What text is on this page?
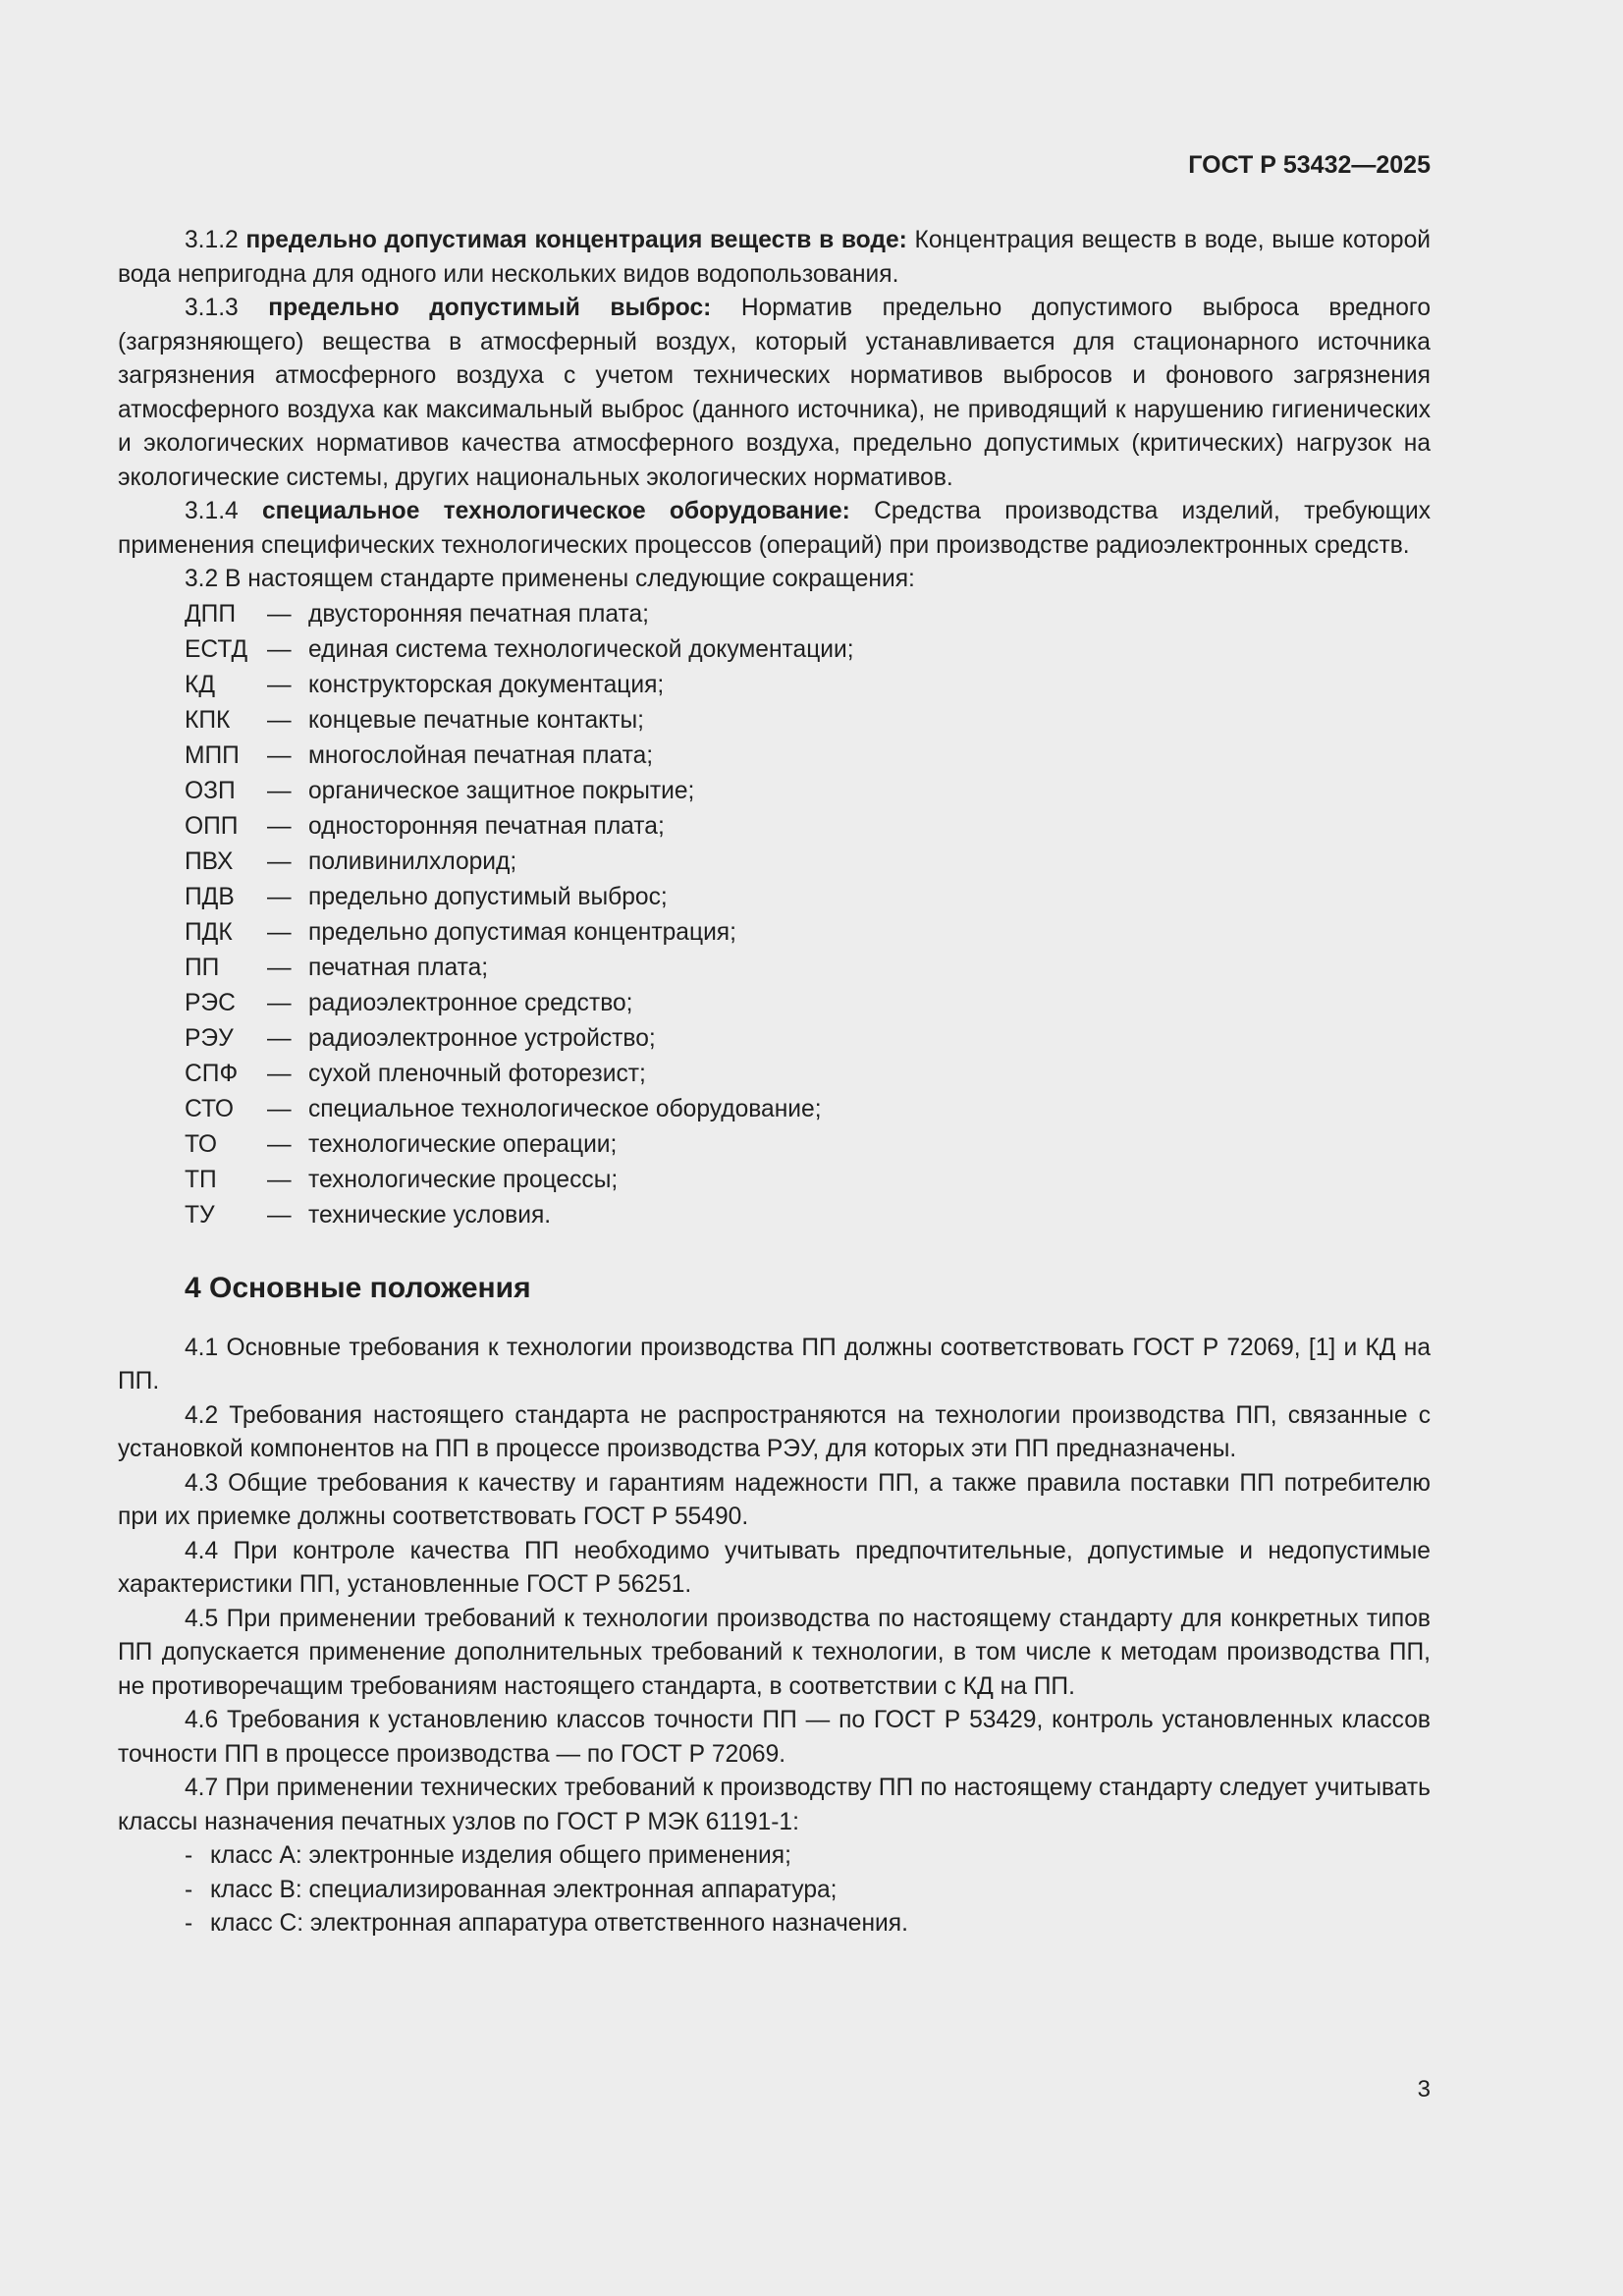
ГОСТ Р 53432—2025

3.1.2 предельно допустимая концентрация веществ в воде: Концентрация веществ в воде, выше которой вода непригодна для одного или нескольких видов водопользования.

3.1.3 предельно допустимый выброс: Норматив предельно допустимого выброса вредного (загрязняющего) вещества в атмосферный воздух, который устанавливается для стационарного источника загрязнения атмосферного воздуха с учетом технических нормативов выбросов и фонового загрязнения атмосферного воздуха как максимальный выброс (данного источника), не приводящий к нарушению гигиенических и экологических нормативов качества атмосферного воздуха, предельно допустимых (критических) нагрузок на экологические системы, других национальных экологических нормативов.

3.1.4 специальное технологическое оборудование: Средства производства изделий, требующих применения специфических технологических процессов (операций) при производстве радиоэлектронных средств.

3.2 В настоящем стандарте применены следующие сокращения:

ДПП	— двусторонняя печатная плата;
ЕСТД — единая система технологической документации;
КД	— конструкторская документация;
КПК	— концевые печатные контакты;
МПП	— многослойная печатная плата;
ОЗП	— органическое защитное покрытие;
ОПП	— односторонняя печатная плата;
ПВХ	— поливинилхлорид;
ПДВ	— предельно допустимый выброс;
ПДК	— предельно допустимая концентрация;
ПП	— печатная плата;
РЭС	— радиоэлектронное средство;
РЭУ	— радиоэлектронное устройство;
СПФ	— сухой пленочный фоторезист;
СТО	— специальное технологическое оборудование;
ТО	— технологические операции;
ТП	— технологические процессы;
ТУ	— технические условия.
4 Основные положения

4.1 Основные требования к технологии производства ПП должны соответствовать ГОСТ Р 72069, [1] и КД на ПП.

4.2 Требования настоящего стандарта не распространяются на технологии производства ПП, связанные с установкой компонентов на ПП в процессе производства РЭУ, для которых эти ПП предназначены.

4.3 Общие требования к качеству и гарантиям надежности ПП, а также правила поставки ПП потребителю при их приемке должны соответствовать ГОСТ Р 55490.

4.4 При контроле качества ПП необходимо учитывать предпочтительные, допустимые и недопустимые характеристики ПП, установленные ГОСТ Р 56251.

4.5 При применении требований к технологии производства по настоящему стандарту для конкретных типов ПП допускается применение дополнительных требований к технологии, в том числе к методам производства ПП, не противоречащим требованиям настоящего стандарта, в соответствии с КД на ПП.

4.6 Требования к установлению классов точности ПП — по ГОСТ Р 53429, контроль установленных классов точности ПП в процессе производства — по ГОСТ Р 72069.

4.7 При применении технических требований к производству ПП по настоящему стандарту следует учитывать классы назначения печатных узлов по ГОСТ Р МЭК 61191-1:

- класс А: электронные изделия общего применения;
- класс В: специализированная электронная аппаратура;
- класс С: электронная аппаратура ответственного назначения.
3
